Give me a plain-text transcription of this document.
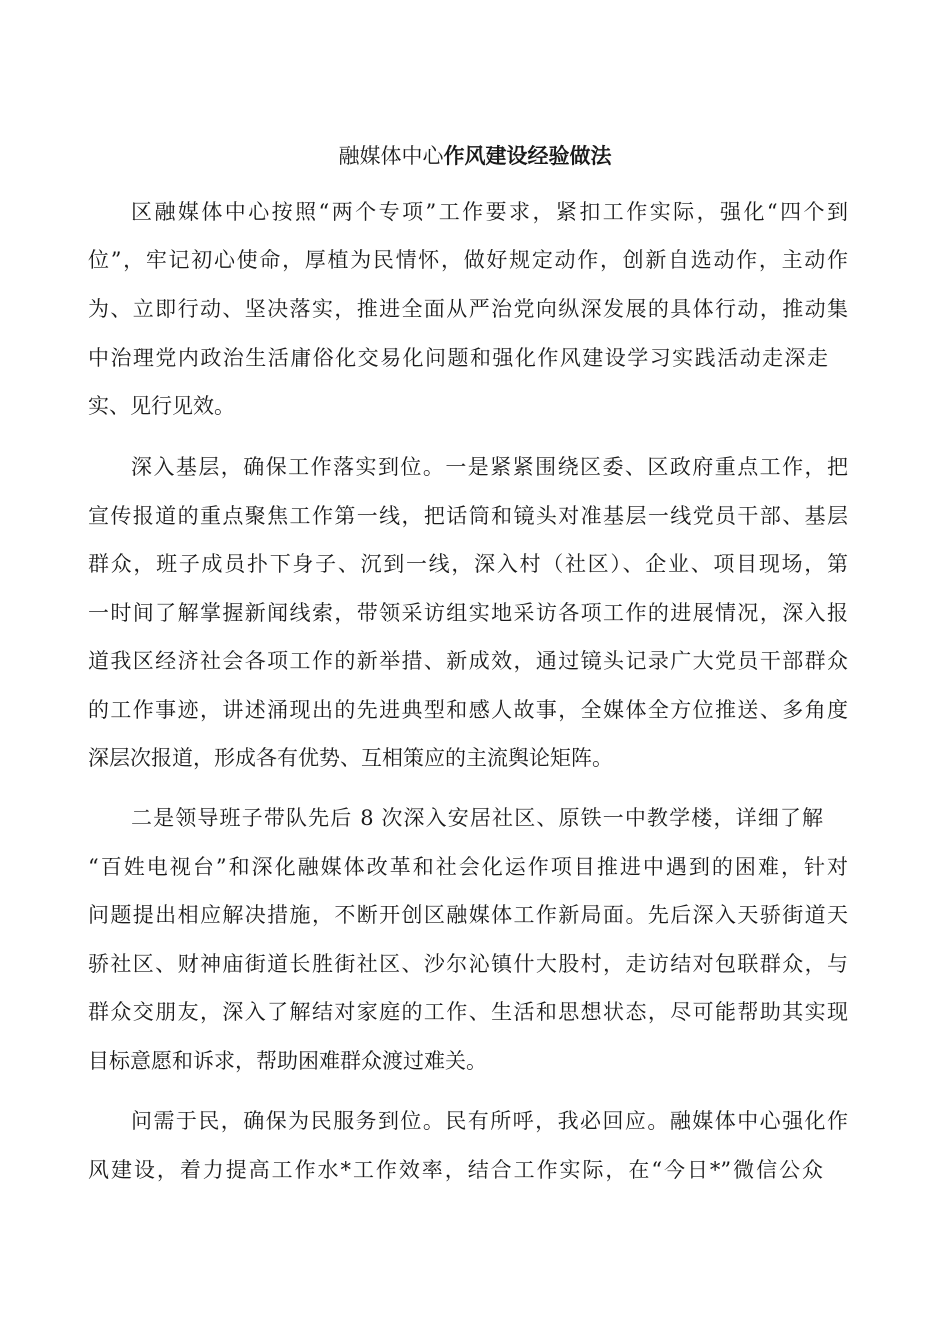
融媒体中心作风建设经验做法
区融媒体中心按照“两个专项”工作要求，紧扣工作实际，强化“四个到
位”，牢记初心使命，厚植为民情怀，做好规定动作，创新自选动作，主动作
为、立即行动、坚决落实，推进全面从严治党向纵深发展的具体行动，推动集
中治理党内政治生活庸俗化交易化问题和强化作风建设学习实践活动走深走
实、见行见效。
深入基层，确保工作落实到位。一是紧紧围绕区委、区政府重点工作，把
宣传报道的重点聚焦工作第一线，把话筒和镜头对准基层一线党员干部、基层
群众，班子成员扑下身子、沉到一线，深入村（社区）、企业、项目现场，第
一时间了解掌握新闻线索，带领采访组实地采访各项工作的进展情况，深入报
道我区经济社会各项工作的新举措、新成效，通过镜头记录广大党员干部群众
的工作事迹，讲述涌现出的先进典型和感人故事，全媒体全方位推送、多角度
深层次报道，形成各有优势、互相策应的主流舆论矩阵。
二是领导班子带队先后 8 次深入安居社区、原铁一中教学楼，详细了解
“百姓电视台”和深化融媒体改革和社会化运作项目推进中遇到的困难，针对
问题提出相应解决措施，不断开创区融媒体工作新局面。先后深入天骄街道天
骄社区、财神庙街道长胜街社区、沙尔沁镇什大股村，走访结对包联群众，与
群众交朋友，深入了解结对家庭的工作、生活和思想状态，尽可能帮助其实现
目标意愿和诉求，帮助困难群众渡过难关。
问需于民，确保为民服务到位。民有所呼，我必回应。融媒体中心强化作
风建设，着力提高工作水*工作效率，结合工作实际，在“今日*”微信公众
